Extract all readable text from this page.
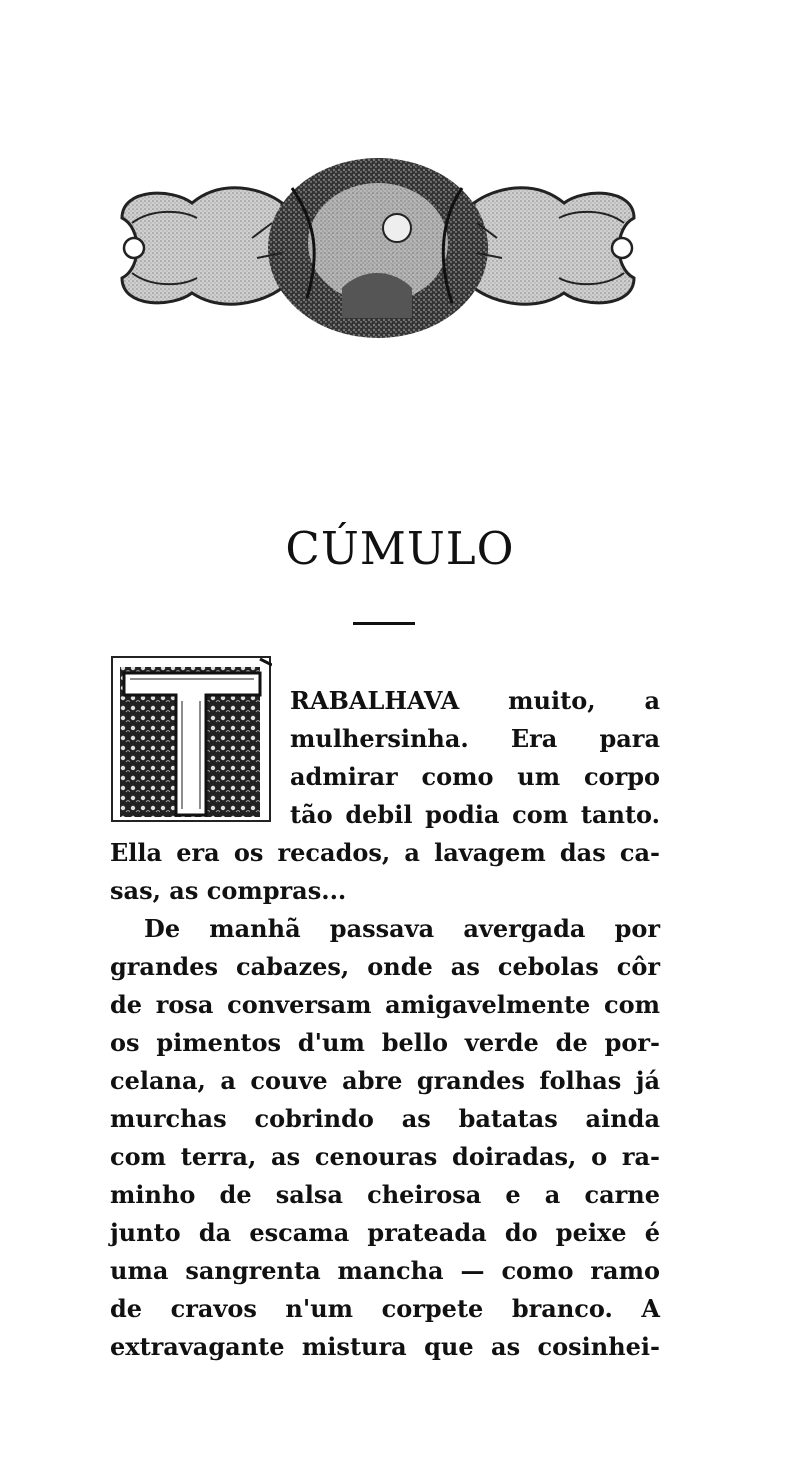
CÚMULO
RABALHAVA muito, a
mulhersinha. Era para
admirar como um corpo
tão debil podia com tanto.
Ella era os recados, a lavagem das ca-
sas, as compras...
De manhã passava avergada por
grandes cabazes, onde as cebolas côr
de rosa conversam amigavelmente com
os pimentos d'um bello verde de por-
celana, a couve abre grandes folhas já
murchas cobrindo as batatas ainda
com terra, as cenouras doiradas, o ra-
minho de salsa cheirosa e a carne
junto da escama prateada do peixe é
uma sangrenta mancha — como ramo
de cravos n'um corpete branco. A
extravagante mistura que as cosinhei-
